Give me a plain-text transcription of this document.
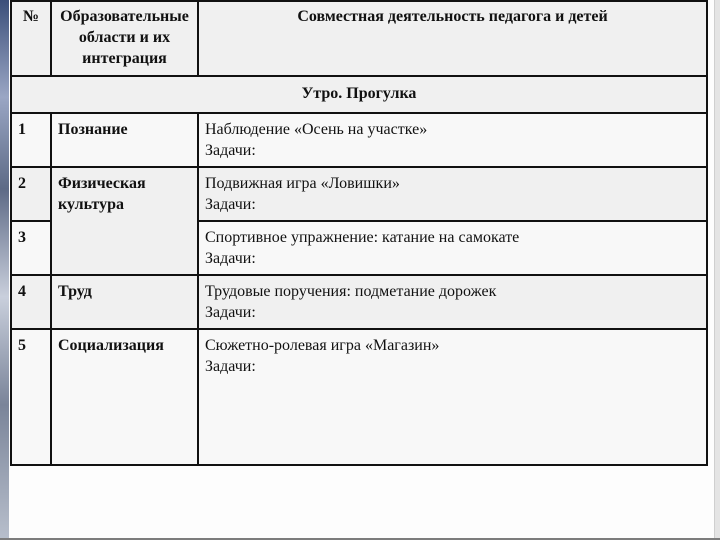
№	Образовательные области и их интеграция	Совместная деятельность педагога и детей
Утро. Прогулка		
1	Познание	Наблюдение «Осень на участке»
Задачи:

2	Физическая культура	Подвижная игра «Ловишки»
Задачи:

3		Спортивное упражнение: катание на самокате
Задачи:

4	Труд	Трудовые поручения: подметание дорожек
Задачи:

5	Социализация	Сюжетно-ролевая игра «Магазин»
Задачи:
